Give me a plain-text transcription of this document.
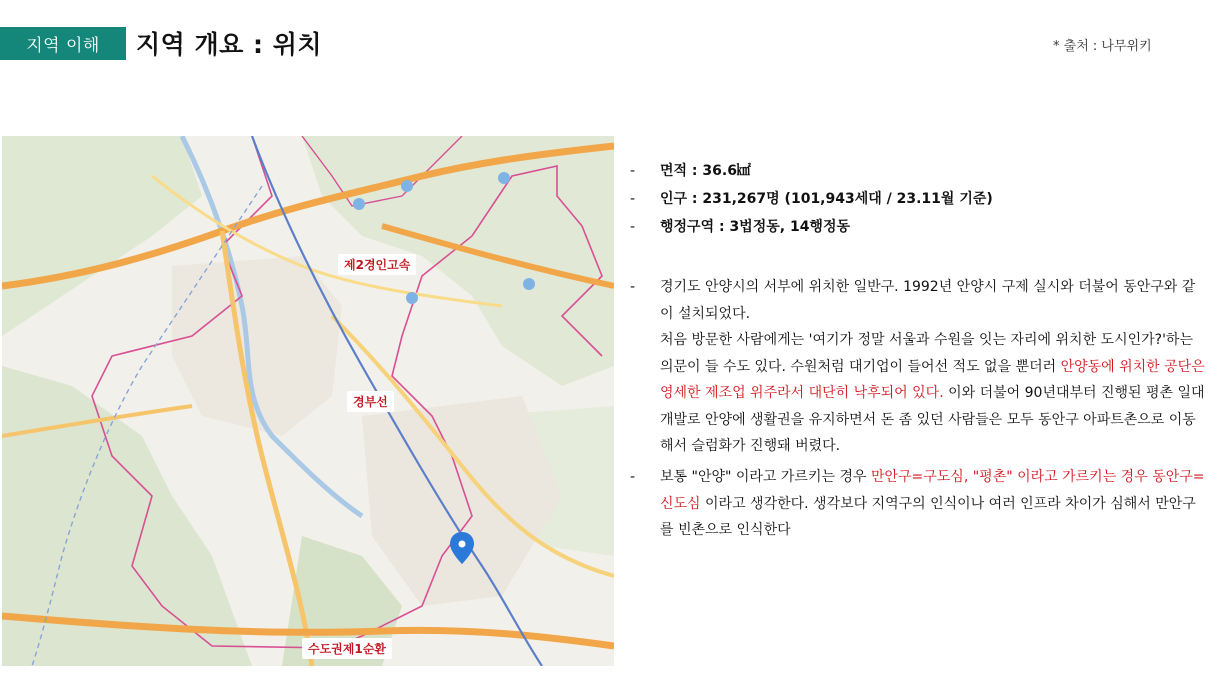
지역 이해	지역 개요 : 위치	* 출처 : 나무위키
제2경인고속
경부선
수도권제1순환
-	면적 : 36.6㎢
-	인구 : 231,267명 (101,943세대 / 23.11월 기준)
-	행정구역 : 3법정동, 14행정동
-	경기도 안양시의 서부에 위치한 일반구. 1992년 안양시 구제 실시와 더불어 동안구와 같이 설치되었다.
처음 방문한 사람에게는 '여기가 정말 서울과 수원을 잇는 자리에 위치한 도시인가?'하는 의문이 들 수도 있다. 수원처럼 대기업이 들어선 적도 없을 뿐더러 안양동에 위치한 공단은 영세한 제조업 위주라서 대단히 낙후되어 있다. 이와 더불어 90년대부터 진행된 평촌 일대 개발로 안양에 생활권을 유지하면서 돈 좀 있던 사람들은 모두 동안구 아파트촌으로 이동해서 슬럼화가 진행돼 버렸다.
-	보통 "안양" 이라고 가르키는 경우 만안구=구도심, "평촌" 이라고 가르키는 경우 동안구=신도심 이라고 생각한다. 생각보다 지역구의 인식이나 여러 인프라 차이가 심해서 만안구를 빈촌으로 인식한다
